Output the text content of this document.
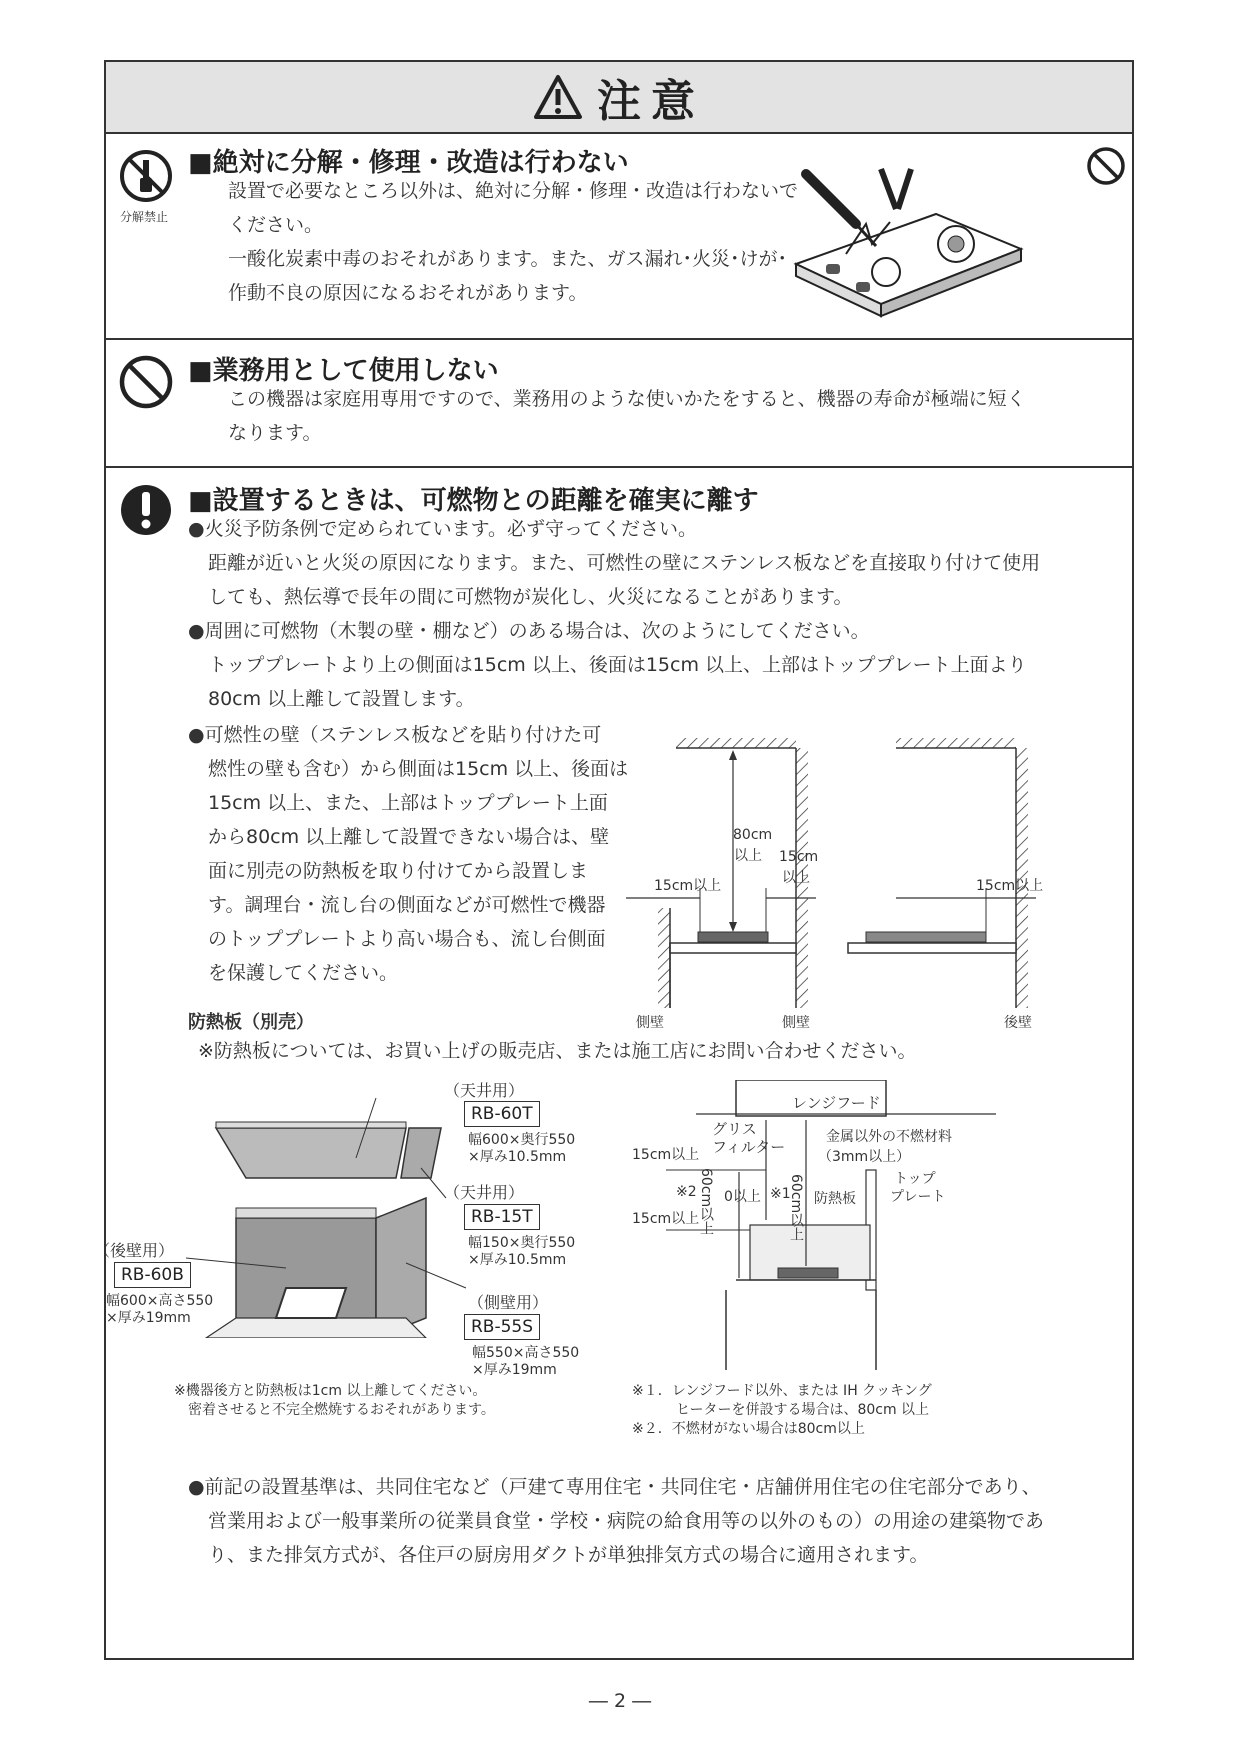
注意
分解禁止
■絶対に分解・修理・改造は行わない
設置で必要なところ以外は、絶対に分解・修理・改造は行わないで
ください。
一酸化炭素中毒のおそれがあります。また、ガス漏れ･火災･けが･
作動不良の原因になるおそれがあります。
■業務用として使用しない
この機器は家庭用専用ですので、業務用のような使いかたをすると、機器の寿命が極端に短く
なります。
■設置するときは、可燃物との距離を確実に離す
●火災予防条例で定められています。必ず守ってください。
距離が近いと火災の原因になります。また、可燃性の壁にステンレス板などを直接取り付けて使用
しても、熱伝導で長年の間に可燃物が炭化し、火災になることがあります。
●周囲に可燃物（木製の壁・棚など）のある場合は、次のようにしてください。
トッププレートより上の側面は15cm 以上、後面は15cm 以上、上部はトッププレート上面より
80cm 以上離して設置します。
●可燃性の壁（ステンレス板などを貼り付けた可
燃性の壁も含む）から側面は15cm 以上、後面は
15cm 以上、また、上部はトッププレート上面
から80cm 以上離して設置できない場合は、壁
面に別売の防熱板を取り付けてから設置しま
す。調理台・流し台の側面などが可燃性で機器
のトッププレートより高い場合も、流し台側面
を保護してください。
80cm
以上
15cm以上
15cm
以上	15cm以上
側壁	側壁	後壁
防熱板（別売）
※防熱板については、お買い上げの販売店、または施工店にお問い合わせください。
（天井用）
RB-60T
幅600×奥行550
×厚み10.5mm
（天井用）
RB-15T
幅150×奥行550
×厚み10.5mm
（後壁用）
RB-60B
幅600×高さ550
×厚み19mm
（側壁用）
RB-55S
幅550×高さ550
×厚み19mm
※機器後方と防熱板は1cm 以上離してください。
密着させると不完全燃焼するおそれがあります。
レンジフード
グリス
フィルター
金属以外の不燃材料
（3mm以上）
15cm以上
15cm以上
トップ
プレート
0以上 ※1
60cm以上
※2 60cm以上	防熱板
※１．レンジフード以外、または IH クッキング
ヒーターを併設する場合は、80cm 以上
※２．不燃材がない場合は80cm以上
●前記の設置基準は、共同住宅など（戸建て専用住宅・共同住宅・店舗併用住宅の住宅部分であり、
営業用および一般事業所の従業員食堂・学校・病院の給食用等の以外のもの）の用途の建築物であ
り、また排気方式が、各住戸の厨房用ダクトが単独排気方式の場合に適用されます。
― 2 ―
